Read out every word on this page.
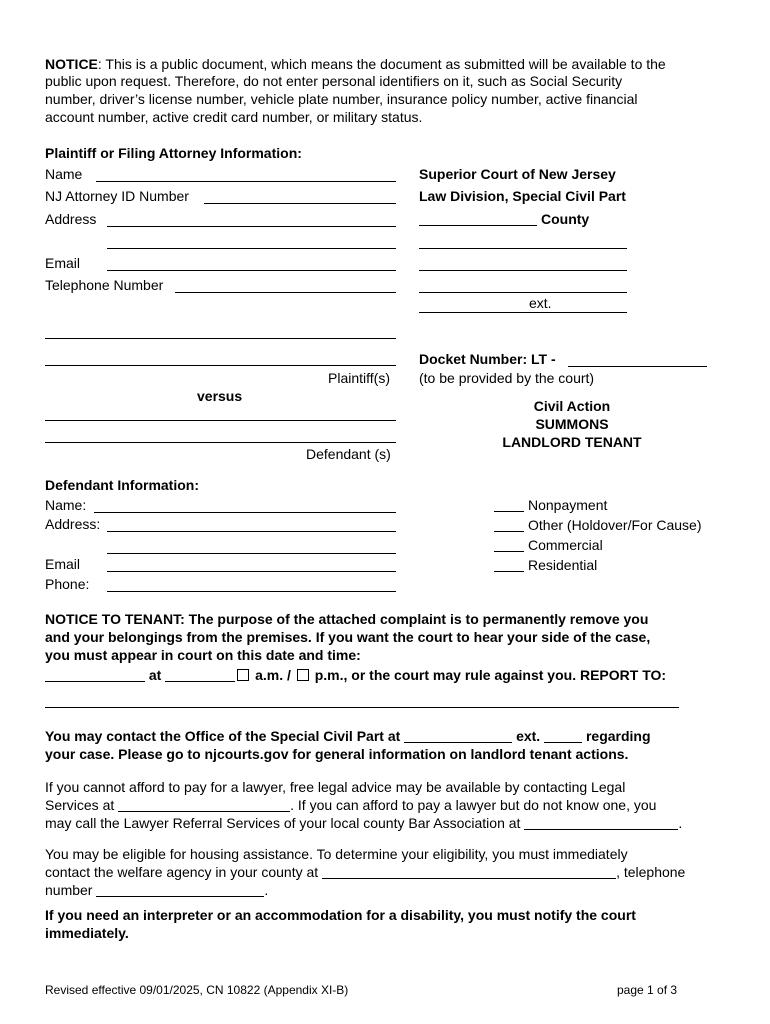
NOTICE: This is a public document, which means the document as submitted will be available to the
public upon request. Therefore, do not enter personal identifiers on it, such as Social Security
number, driver’s license number, vehicle plate number, insurance policy number, active financial
account number, active credit card number, or military status.
Plaintiff or Filing Attorney Information:
Name
NJ Attorney ID Number
Address
Email
Telephone Number
Plaintiff(s)
versus
Defendant (s)
Superior Court of New Jersey
Law Division, Special Civil Part
County
ext.
Docket Number: LT -
(to be provided by the court)
Civil Action
SUMMONS
LANDLORD TENANT
Defendant Information:
Name:
Address:
Email
Phone:
Nonpayment
Other (Holdover/For Cause)
Commercial
Residential
NOTICE TO TENANT: The purpose of the attached complaint is to permanently remove you
and your belongings from the premises. If you want the court to hear your side of the case,
you must appear in court on this date and time:
at	a.m. / p.m., or the court may rule against you. REPORT TO:
You may contact the Office of the Special Civil Part at	ext.	regarding
your case. Please go to njcourts.gov for general information on landlord tenant actions.
If you cannot afford to pay for a lawyer, free legal advice may be available by contacting Legal
Services at	. If you can afford to pay a lawyer but do not know one, you
may call the Lawyer Referral Services of your local county Bar Association at	.
You may be eligible for housing assistance. To determine your eligibility, you must immediately
contact the welfare agency in your county at	, telephone
number	.
If you need an interpreter or an accommodation for a disability, you must notify the court
immediately.
Revised effective 09/01/2025, CN 10822 (Appendix XI-B)	page 1 of 3
